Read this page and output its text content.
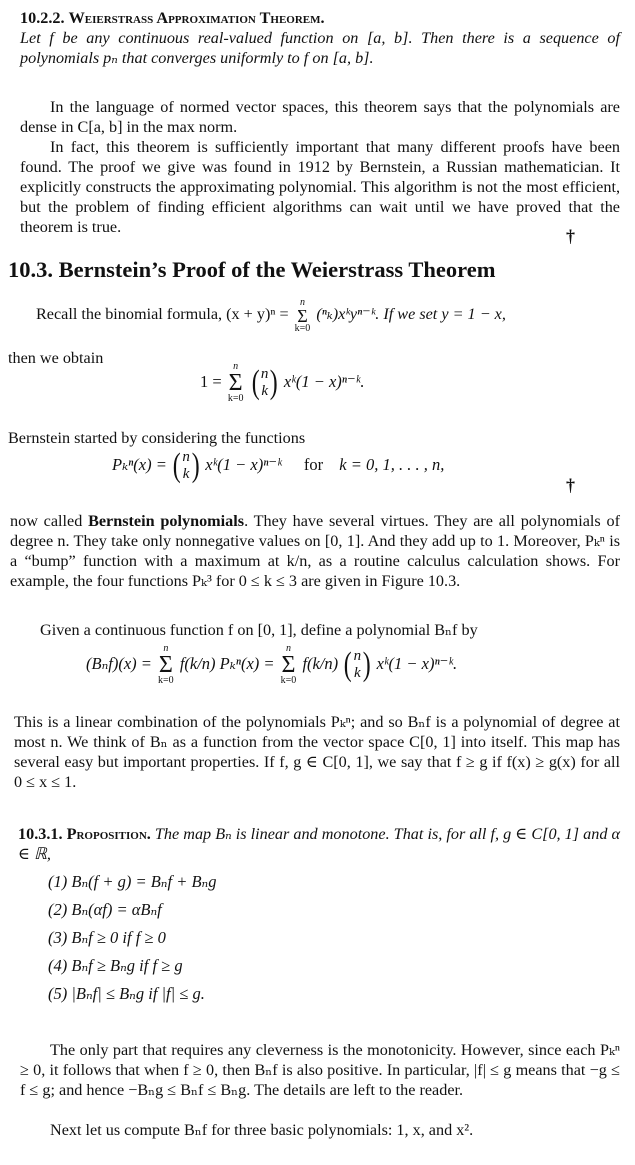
10.2.2. Weierstrass Approximation Theorem.
Let f be any continuous real-valued function on [a, b]. Then there is a sequence of polynomials pₙ that converges uniformly to f on [a, b].
In the language of normed vector spaces, this theorem says that the polynomials are dense in C[a, b] in the max norm.
In fact, this theorem is sufficiently important that many different proofs have been found. The proof we give was found in 1912 by Bernstein, a Russian mathematician. It explicitly constructs the approximating polynomial. This algorithm is not the most efficient, but the problem of finding efficient algorithms can wait until we have proved that the theorem is true.	†
10.3. Bernstein’s Proof of the Weierstrass Theorem
Recall the binomial formula, (x + y)ⁿ =
n
Σ
k=0
(ⁿₖ)xᵏyⁿ⁻ᵏ. If we set y = 1 − x,
then we obtain
1 =
n
Σ
k=0 ( n
k) xᵏ(1 − x)ⁿ⁻ᵏ.
Bernstein started by considering the functions
Pₖⁿ(x) = ( n
k) xᵏ(1 − x)ⁿ⁻ᵏ for k = 0, 1, . . . , n,
†
now called Bernstein polynomials. They have several virtues. They are all polynomials of degree n. They take only nonnegative values on [0, 1]. And they add up to 1. Moreover, Pₖⁿ is a “bump” function with a maximum at k/n, as a routine calculus calculation shows. For example, the four functions Pₖ³ for 0 ≤ k ≤ 3 are given in Figure 10.3.
Given a continuous function f on [0, 1], define a polynomial Bₙf by
(Bₙf)(x) =
n
Σ
k=0
f(k/n) Pₖⁿ(x) =
n
Σ
k=0
f(k/n) ( n
k) xᵏ(1 − x)ⁿ⁻ᵏ.
This is a linear combination of the polynomials Pₖⁿ; and so Bₙf is a polynomial of degree at most n. We think of Bₙ as a function from the vector space C[0, 1] into itself. This map has several easy but important properties. If f, g ∈ C[0, 1], we say that f ≥ g if f(x) ≥ g(x) for all 0 ≤ x ≤ 1.
10.3.1. Proposition. The map Bₙ is linear and monotone. That is, for all f, g ∈ C[0, 1] and α ∈ ℝ,
(1) Bₙ(f + g) = Bₙf + Bₙg
(2) Bₙ(αf) = αBₙf
(3) Bₙf ≥ 0 if f ≥ 0
(4) Bₙf ≥ Bₙg if f ≥ g
(5) |Bₙf| ≤ Bₙg if |f| ≤ g.
The only part that requires any cleverness is the monotonicity. However, since each Pₖⁿ ≥ 0, it follows that when f ≥ 0, then Bₙf is also positive. In particular, |f| ≤ g means that −g ≤ f ≤ g; and hence −Bₙg ≤ Bₙf ≤ Bₙg. The details are left to the reader.
Next let us compute Bₙf for three basic polynomials: 1, x, and x².
